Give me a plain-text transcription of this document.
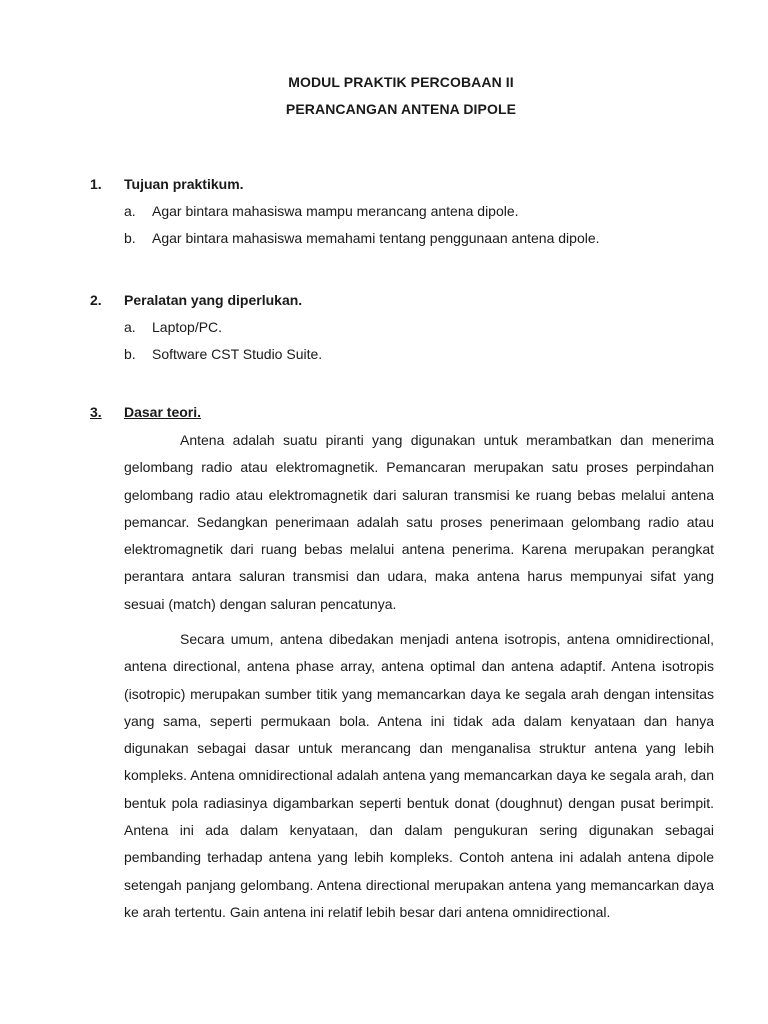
MODUL PRAKTIK PERCOBAAN II
PERANCANGAN ANTENA DIPOLE
1. Tujuan praktikum.
a. Agar bintara mahasiswa mampu merancang antena dipole.
b. Agar bintara mahasiswa memahami tentang penggunaan antena dipole.
2. Peralatan yang diperlukan.
a. Laptop/PC.
b. Software CST Studio Suite.
3. Dasar teori.

Antena adalah suatu piranti yang digunakan untuk merambatkan dan menerima gelombang radio atau elektromagnetik. Pemancaran merupakan satu proses perpindahan gelombang radio atau elektromagnetik dari saluran transmisi ke ruang bebas melalui antena pemancar. Sedangkan penerimaan adalah satu proses penerimaan gelombang radio atau elektromagnetik dari ruang bebas melalui antena penerima. Karena merupakan perangkat perantara antara saluran transmisi dan udara, maka antena harus mempunyai sifat yang sesuai (match) dengan saluran pencatunya.

Secara umum, antena dibedakan menjadi antena isotropis, antena omnidirectional, antena directional, antena phase array, antena optimal dan antena adaptif. Antena isotropis (isotropic) merupakan sumber titik yang memancarkan daya ke segala arah dengan intensitas yang sama, seperti permukaan bola. Antena ini tidak ada dalam kenyataan dan hanya digunakan sebagai dasar untuk merancang dan menganalisa struktur antena yang lebih kompleks. Antena omnidirectional adalah antena yang memancarkan daya ke segala arah, dan bentuk pola radiasinya digambarkan seperti bentuk donat (doughnut) dengan pusat berimpit. Antena ini ada dalam kenyataan, dan dalam pengukuran sering digunakan sebagai pembanding terhadap antena yang lebih kompleks. Contoh antena ini adalah antena dipole setengah panjang gelombang. Antena directional merupakan antena yang memancarkan daya ke arah tertentu. Gain antena ini relatif lebih besar dari antena omnidirectional.
